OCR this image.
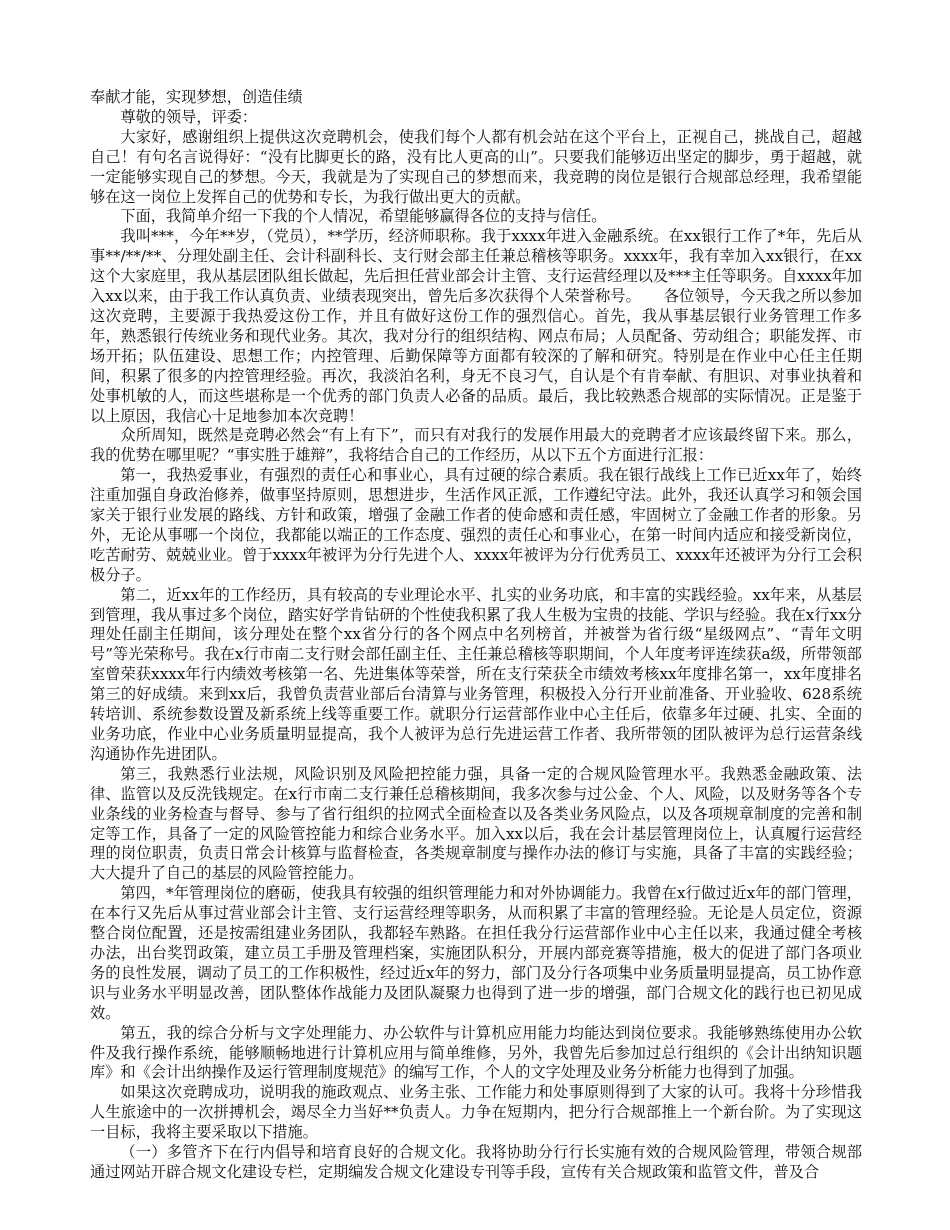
奉献才能，实现梦想，创造佳绩

尊敬的领导，评委：

大家好，感谢组织上提供这次竞聘机会，使我们每个人都有机会站在这个平台上，正视自己，挑战自己，超越自己！有句名言说得好：“没有比脚更长的路，没有比人更高的山”。只要我们能够迈出坚定的脚步，勇于超越，就一定能够实现自己的梦想。今天，我就是为了实现自己的梦想而来，我竞聘的岗位是银行合规部总经理，我希望能够在这一岗位上发挥自己的优势和专长，为我行做出更大的贡献。

下面，我简单介绍一下我的个人情况，希望能够赢得各位的支持与信任。

我叫***，今年**岁，（党员），**学历，经济师职称。我于xxxx年进入金融系统。在xx银行工作了*年，先后从事**/**/**、分理处副主任、会计科副科长、支行财会部主任兼总稽核等职务。xxxx年，我有幸加入xx银行，在xx这个大家庭里，我从基层团队组长做起，先后担任营业部会计主管、支行运营经理以及***主任等职务。自xxxx年加入xx以来，由于我工作认真负责、业绩表现突出，曾先后多次获得个人荣誉称号。　　各位领导，今天我之所以参加这次竞聘，主要源于我热爱这份工作，并且有做好这份工作的强烈信心。首先，我从事基层银行业务管理工作多年，熟悉银行传统业务和现代业务。其次，我对分行的组织结构、网点布局；人员配备、劳动组合；职能发挥、市场开拓；队伍建设、思想工作；内控管理、后勤保障等方面都有较深的了解和研究。特别是在作业中心任主任期间，积累了很多的内控管理经验。再次，我淡泊名利，身无不良习气，自认是个有肯奉献、有胆识、对事业执着和处事机敏的人，而这些堪称是一个优秀的部门负责人必备的品质。最后，我比较熟悉合规部的实际情况。正是鉴于以上原因，我信心十足地参加本次竞聘！

众所周知，既然是竞聘必然会“有上有下”，而只有对我行的发展作用最大的竞聘者才应该最终留下来。那么，我的优势在哪里呢？“事实胜于雄辩”，我将结合自己的工作经历，从以下五个方面进行汇报：

第一，我热爱事业，有强烈的责任心和事业心，具有过硬的综合素质。我在银行战线上工作已近xx年了，始终注重加强自身政治修养，做事坚持原则，思想进步，生活作风正派，工作遵纪守法。此外，我还认真学习和领会国家关于银行业发展的路线、方针和政策，增强了金融工作者的使命感和责任感，牢固树立了金融工作者的形象。另外，无论从事哪一个岗位，我都能以端正的工作态度、强烈的责任心和事业心，在第一时间内适应和接受新岗位，吃苦耐劳、兢兢业业。曾于xxxx年被评为分行先进个人、xxxx年被评为分行优秀员工、xxxx年还被评为分行工会积极分子。

第二，近xx年的工作经历，具有较高的专业理论水平、扎实的业务功底，和丰富的实践经验。xx年来，从基层到管理，我从事过多个岗位，踏实好学肯钻研的个性使我积累了我人生极为宝贵的技能、学识与经验。我在x行xx分理处任副主任期间，该分理处在整个xx省分行的各个网点中名列榜首，并被誉为省行级“星级网点”、“青年文明号”等光荣称号。我在x行市南二支行财会部任副主任、主任兼总稽核等职期间，个人年度考评连续获a级，所带领部室曾荣获xxxx年行内绩效考核第一名、先进集体等荣誉，所在支行荣获全市绩效考核xx年度排名第一，xx年度排名第三的好成绩。来到xx后，我曾负责营业部后台清算与业务管理，积极投入分行开业前准备、开业验收、628系统转培训、系统参数设置及新系统上线等重要工作。就职分行运营部作业中心主任后，依靠多年过硬、扎实、全面的业务功底，作业中心业务质量明显提高，我个人被评为总行先进运营工作者、我所带领的团队被评为总行运营条线沟通协作先进团队。

第三，我熟悉行业法规，风险识别及风险把控能力强，具备一定的合规风险管理水平。我熟悉金融政策、法律、监管以及反洗钱规定。在x行市南二支行兼任总稽核期间，我多次参与过公金、个人、风险，以及财务等各个专业条线的业务检查与督导、参与了省行组织的拉网式全面检查以及各类业务风险点，以及各项规章制度的完善和制定等工作，具备了一定的风险管控能力和综合业务水平。加入xx以后，我在会计基层管理岗位上，认真履行运营经理的岗位职责，负责日常会计核算与监督检查，各类规章制度与操作办法的修订与实施，具备了丰富的实践经验；大大提升了自己的基层的风险管控能力。

第四，*年管理岗位的磨砺，使我具有较强的组织管理能力和对外协调能力。我曾在x行做过近x年的部门管理，在本行又先后从事过营业部会计主管、支行运营经理等职务，从而积累了丰富的管理经验。无论是人员定位，资源整合岗位配置，还是按需组建业务团队，我都轻车熟路。在担任我分行运营部作业中心主任以来，我通过健全考核办法，出台奖罚政策，建立员工手册及管理档案，实施团队积分，开展内部竞赛等措施，极大的促进了部门各项业务的良性发展，调动了员工的工作积极性，经过近x年的努力，部门及分行各项集中业务质量明显提高，员工协作意识与业务水平明显改善，团队整体作战能力及团队凝聚力也得到了进一步的增强，部门合规文化的践行也已初见成效。

第五，我的综合分析与文字处理能力、办公软件与计算机应用能力均能达到岗位要求。我能够熟练使用办公软件及我行操作系统，能够顺畅地进行计算机应用与简单维修，另外，我曾先后参加过总行组织的《会计出纳知识题库》和《会计出纳操作及运行管理制度规范》的编写工作，个人的文字处理及业务分析能力也得到了加强。

如果这次竞聘成功，说明我的施政观点、业务主张、工作能力和处事原则得到了大家的认可。我将十分珍惜我人生旅途中的一次拼搏机会，竭尽全力当好**负责人。力争在短期内，把分行合规部推上一个新台阶。为了实现这一目标，我将主要采取以下措施。

（一）多管齐下在行内倡导和培育良好的合规文化。我将协助分行行长实施有效的合规风险管理，带领合规部通过网站开辟合规文化建设专栏，定期编发合规文化建设专刊等手段，宣传有关合规政策和监管文件，普及合
